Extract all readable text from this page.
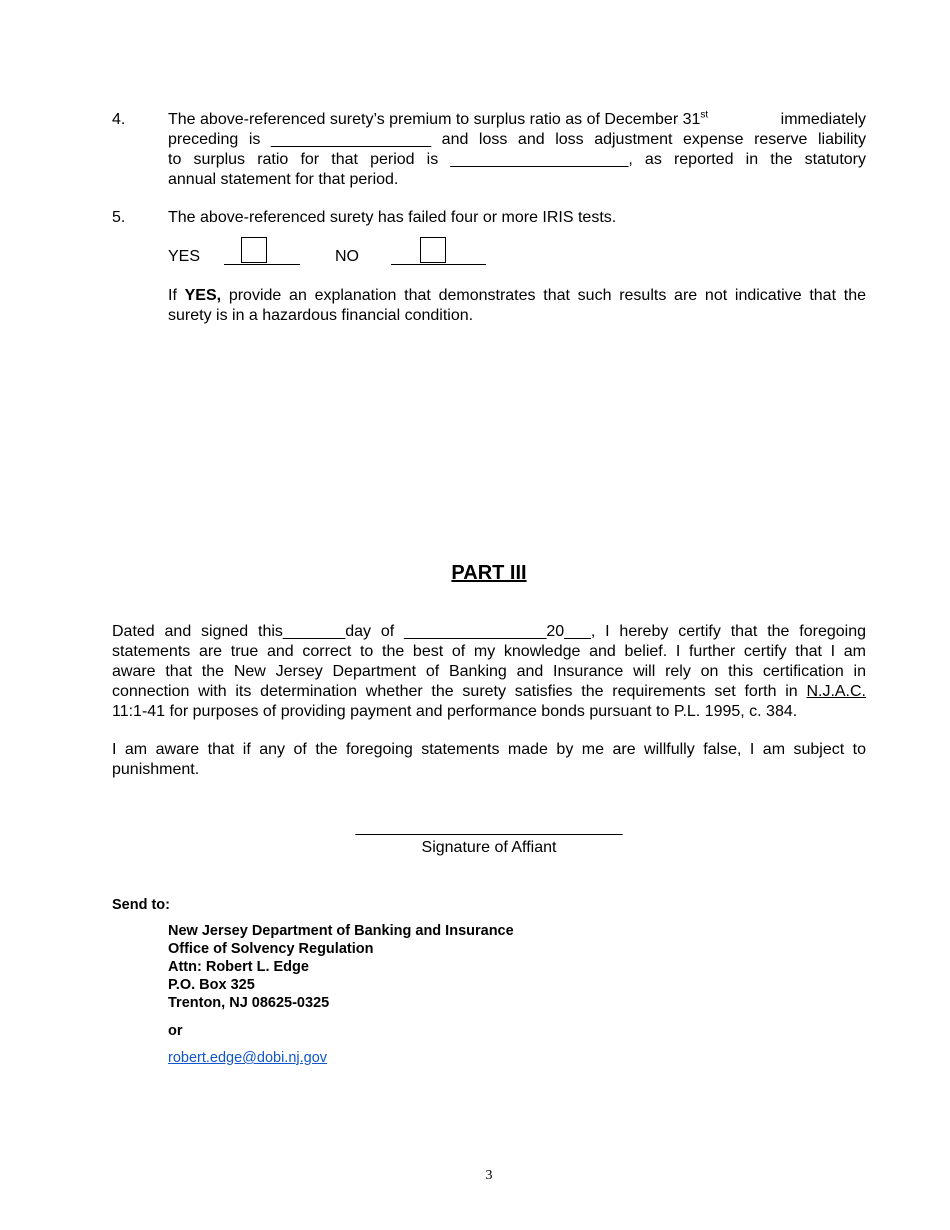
4.	The above-referenced surety’s premium to surplus ratio as of December 31st	immediately
preceding is __________________ and loss and loss adjustment expense reserve liability
to surplus ratio for that period is ____________________, as reported in the statutory
annual statement for that period.
5.	The above-referenced surety has failed four or more IRIS tests.
YES	NO
If YES, provide an explanation that demonstrates that such results are not indicative that the
surety is in a hazardous financial condition.
PART III
Dated and signed this_______day of ________________20___, I hereby certify that the foregoing
statements are true and correct to the best of my knowledge and belief. I further certify that I am
aware that the New Jersey Department of Banking and Insurance will rely on this certification in
connection with its determination whether the surety satisfies the requirements set forth in N.J.A.C.
11:1-41 for purposes of providing payment and performance bonds pursuant to P.L. 1995, c. 384.
I am aware that if any of the foregoing statements made by me are willfully false, I am subject to
punishment.
______________________________
Signature of Affiant
Send to:
New Jersey Department of Banking and Insurance
Office of Solvency Regulation
Attn: Robert L. Edge
P.O. Box 325
Trenton, NJ 08625-0325
or
robert.edge@dobi.nj.gov
3
